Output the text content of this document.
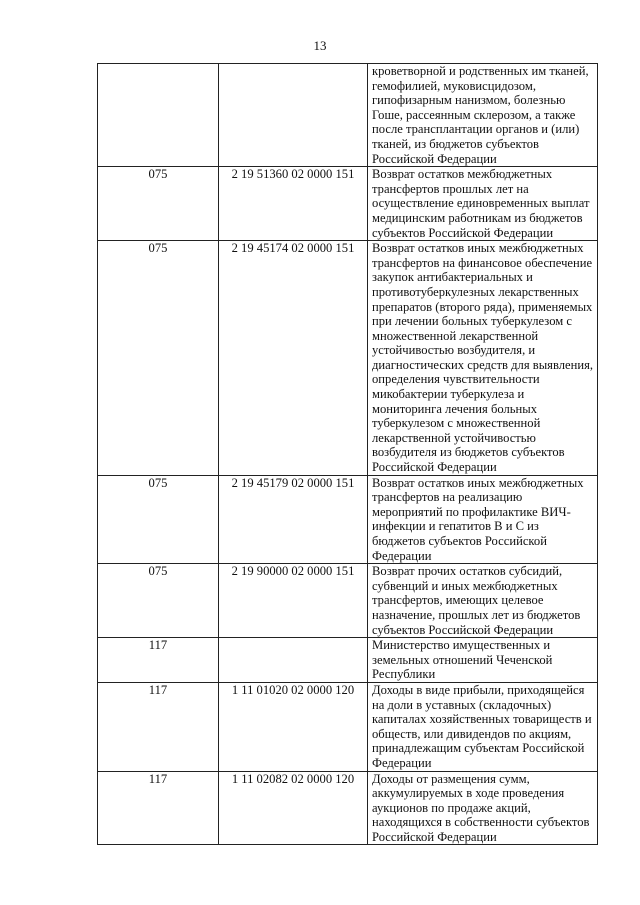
13
		кроветворной и родственных им тканей, гемофилией, муковисцидозом, гипофизарным нанизмом, болезнью Гоше, рассеянным склерозом, а также после трансплантации органов и (или) тканей, из бюджетов субъектов Российской Федерации
075	2 19 51360 02 0000 151	Возврат остатков межбюджетных трансфертов прошлых лет на осуществление единовременных выплат медицинским работникам из бюджетов субъектов Российской Федерации
075	2 19 45174 02 0000 151	Возврат остатков иных межбюджетных трансфертов на финансовое обеспечение закупок антибактериальных и противотуберкулезных лекарственных препаратов (второго ряда), применяемых при лечении больных туберкулезом с множественной лекарственной устойчивостью возбудителя, и диагностических средств для выявления, определения чувствительности микобактерии туберкулеза и мониторинга лечения больных туберкулезом с множественной лекарственной устойчивостью возбудителя из бюджетов субъектов Российской Федерации
075	2 19 45179 02 0000 151	Возврат остатков иных межбюджетных трансфертов на реализацию мероприятий по профилактике ВИЧ-инфекции и гепатитов B и C из бюджетов субъектов Российской Федерации
075	2 19 90000 02 0000 151	Возврат прочих остатков субсидий, субвенций и иных межбюджетных трансфертов, имеющих целевое назначение, прошлых лет из бюджетов субъектов Российской Федерации
117		Министерство имущественных и земельных отношений Чеченской Республики
117	1 11 01020 02 0000 120	Доходы в виде прибыли, приходящейся на доли в уставных (складочных) капиталах хозяйственных товариществ и обществ, или дивидендов по акциям, принадлежащим субъектам Российской Федерации
117	1 11 02082 02 0000 120	Доходы от размещения сумм, аккумулируемых в ходе проведения аукционов по продаже акций, находящихся в собственности субъектов Российской Федерации
